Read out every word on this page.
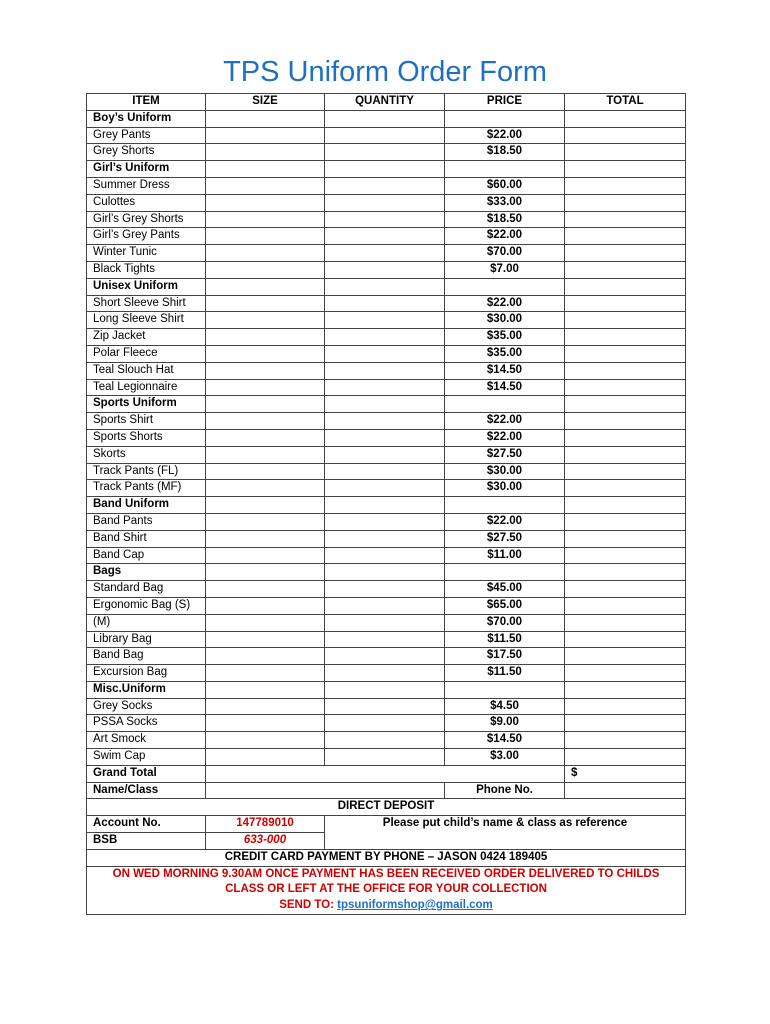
TPS Uniform Order Form
ITEM	SIZE	QUANTITY	PRICE	TOTAL
Boy’s Uniform				
Grey Pants			$22.00	
Grey Shorts			$18.50	
Girl’s Uniform				
Summer Dress			$60.00	
Culottes			$33.00	
Girl’s Grey Shorts			$18.50	
Girl’s Grey Pants			$22.00	
Winter Tunic			$70.00	
Black Tights			$7.00	
Unisex Uniform				
Short Sleeve Shirt			$22.00	
Long Sleeve Shirt			$30.00	
Zip Jacket			$35.00	
Polar Fleece			$35.00	
Teal Slouch Hat			$14.50	
Teal Legionnaire			$14.50	
Sports Uniform				
Sports Shirt			$22.00	
Sports Shorts			$22.00	
Skorts			$27.50	
Track Pants (FL)			$30.00	
Track Pants (MF)			$30.00	
Band Uniform				
Band Pants			$22.00	
Band Shirt			$27.50	
Band Cap			$11.00	
Bags				
Standard Bag			$45.00	
Ergonomic Bag (S)			$65.00	
(M)			$70.00	
Library Bag			$11.50	
Band Bag			$17.50	
Excursion Bag			$11.50	
Misc.Uniform				
Grey Socks			$4.50	
PSSA Socks			$9.00	
Art Smock			$14.50	
Swim Cap			$3.00	
Grand Total				$
Name/Class			Phone No.	
DIRECT DEPOSIT				
Account No.	147789010	Please put child’s name & class as reference		
BSB	633-000			
CREDIT CARD PAYMENT BY PHONE – JASON 0424 189405				

ON WED MORNING 9.30AM ONCE PAYMENT HAS BEEN RECEIVED ORDER DELIVERED TO CHILDS
CLASS OR LEFT AT THE OFFICE FOR YOUR COLLECTION
SEND TO: tpsuniformshop@gmail.com				
